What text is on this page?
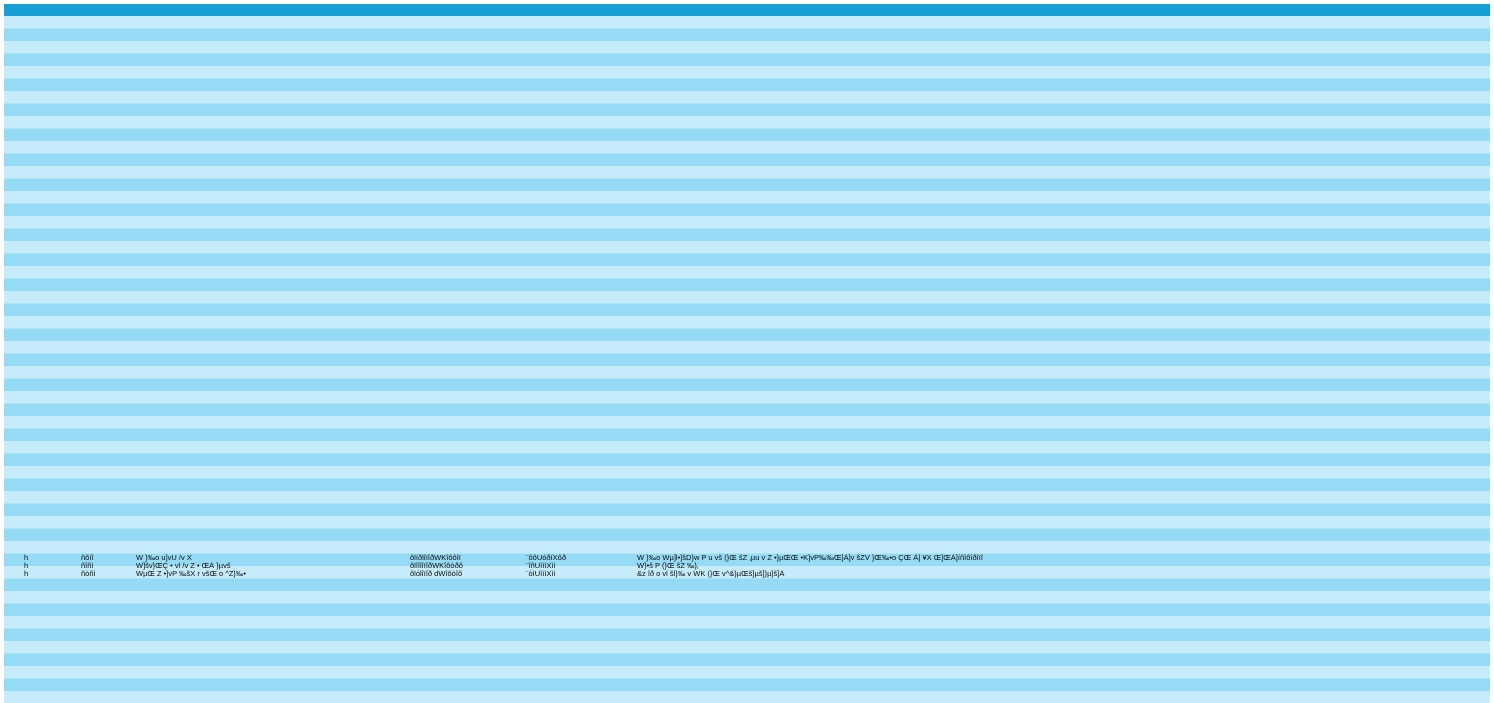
h	ñõíî	W }‰o u]vU /v X	ôlíðlîïîðWKîôôîï	¨ôõUóðíXôð	W }‰o Wµ]l•]šD}w P u vš (}Œ šZ ‚µu v Z •}µŒŒ •K]vP‰‰Œ]À]v šZV }Œ‰•o ÇŒ À] ¥X Œ]ŒÀ]íñîôîðîïî
h	ñîñì	W]šv}ŒÇ • vl /v Z • ŒÀ }µvš	ôlîîlîïîðWKîôòðô	¨îñUìììXìì	W}•š P (}Œ šZ ‰}‚
h	ñòñì	WµŒ Z •]vP ‰šX r všŒ o ^Z}‰•	ôlólîïîð dWîôòîõ	¨òìUìììXìì	&z îð o vl šl}‰ v WK (}Œ v^&}µŒš]µš]}µ]š]À
